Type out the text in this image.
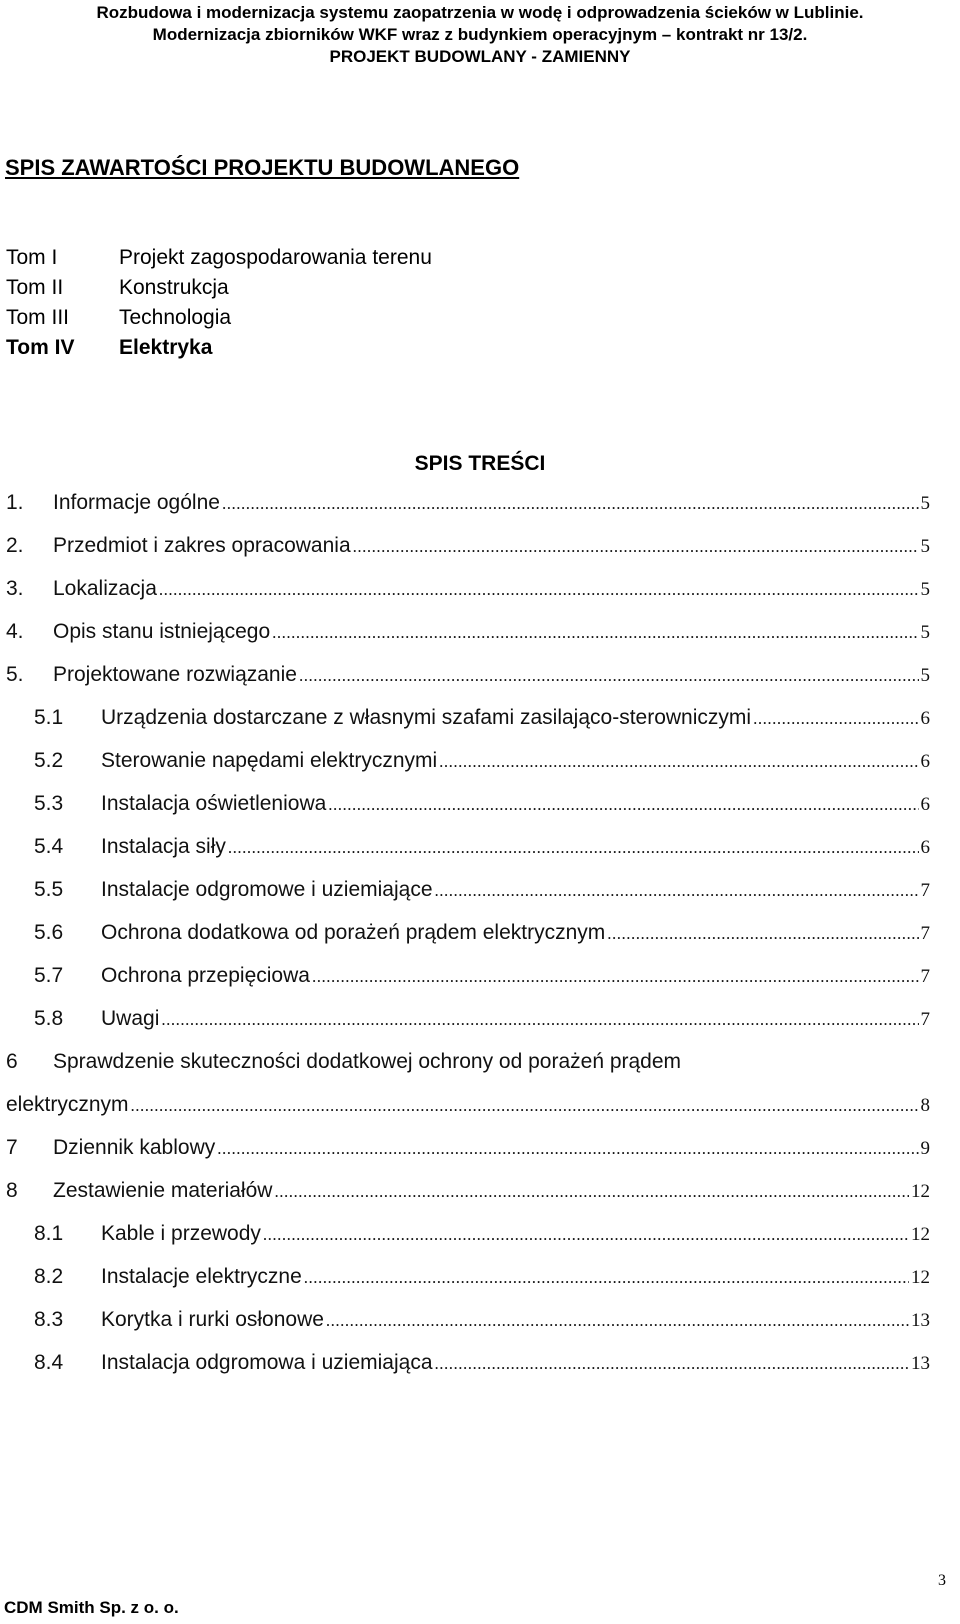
Rozbudowa i modernizacja systemu zaopatrzenia w wodę i odprowadzenia ścieków w Lublinie.
Modernizacja zbiorników WKF wraz z budynkiem operacyjnym – kontrakt nr 13/2.
PROJEKT BUDOWLANY - ZAMIENNY
SPIS ZAWARTOŚCI PROJEKTU BUDOWLANEGO
Tom I	Projekt zagospodarowania terenu
Tom II	Konstrukcja
Tom III	Technologia
Tom IV	Elektryka
SPIS TREŚCI
1.	Informacje ogólne .....	5
2.	Przedmiot i zakres opracowania .....	5
3.	Lokalizacja .....	5
4.	Opis stanu istniejącego .....	5
5.	Projektowane rozwiązanie .....	5
5.1	Urządzenia dostarczane z własnymi szafami zasilająco-sterowniczymi .....	6
5.2	Sterowanie napędami elektrycznymi .....	6
5.3	Instalacja oświetleniowa .....	6
5.4	Instalacja siły .....	6
5.5	Instalacje odgromowe i uziemiające .....	7
5.6	Ochrona dodatkowa od porażeń prądem elektrycznym .....	7
5.7	Ochrona przepięciowa .....	7
5.8	Uwagi .....	7
6	Sprawdzenie skuteczności dodatkowej ochrony od porażeń prądem
elektrycznym .....	8
7	Dziennik kablowy .....	9
8	Zestawienie materiałów .....	12
8.1	Kable i przewody .....	12
8.2	Instalacje elektryczne .....	12
8.3	Korytka i rurki osłonowe .....	13
8.4	Instalacja odgromowa i uziemiająca .....	13
3
CDM Smith Sp. z o. o.
